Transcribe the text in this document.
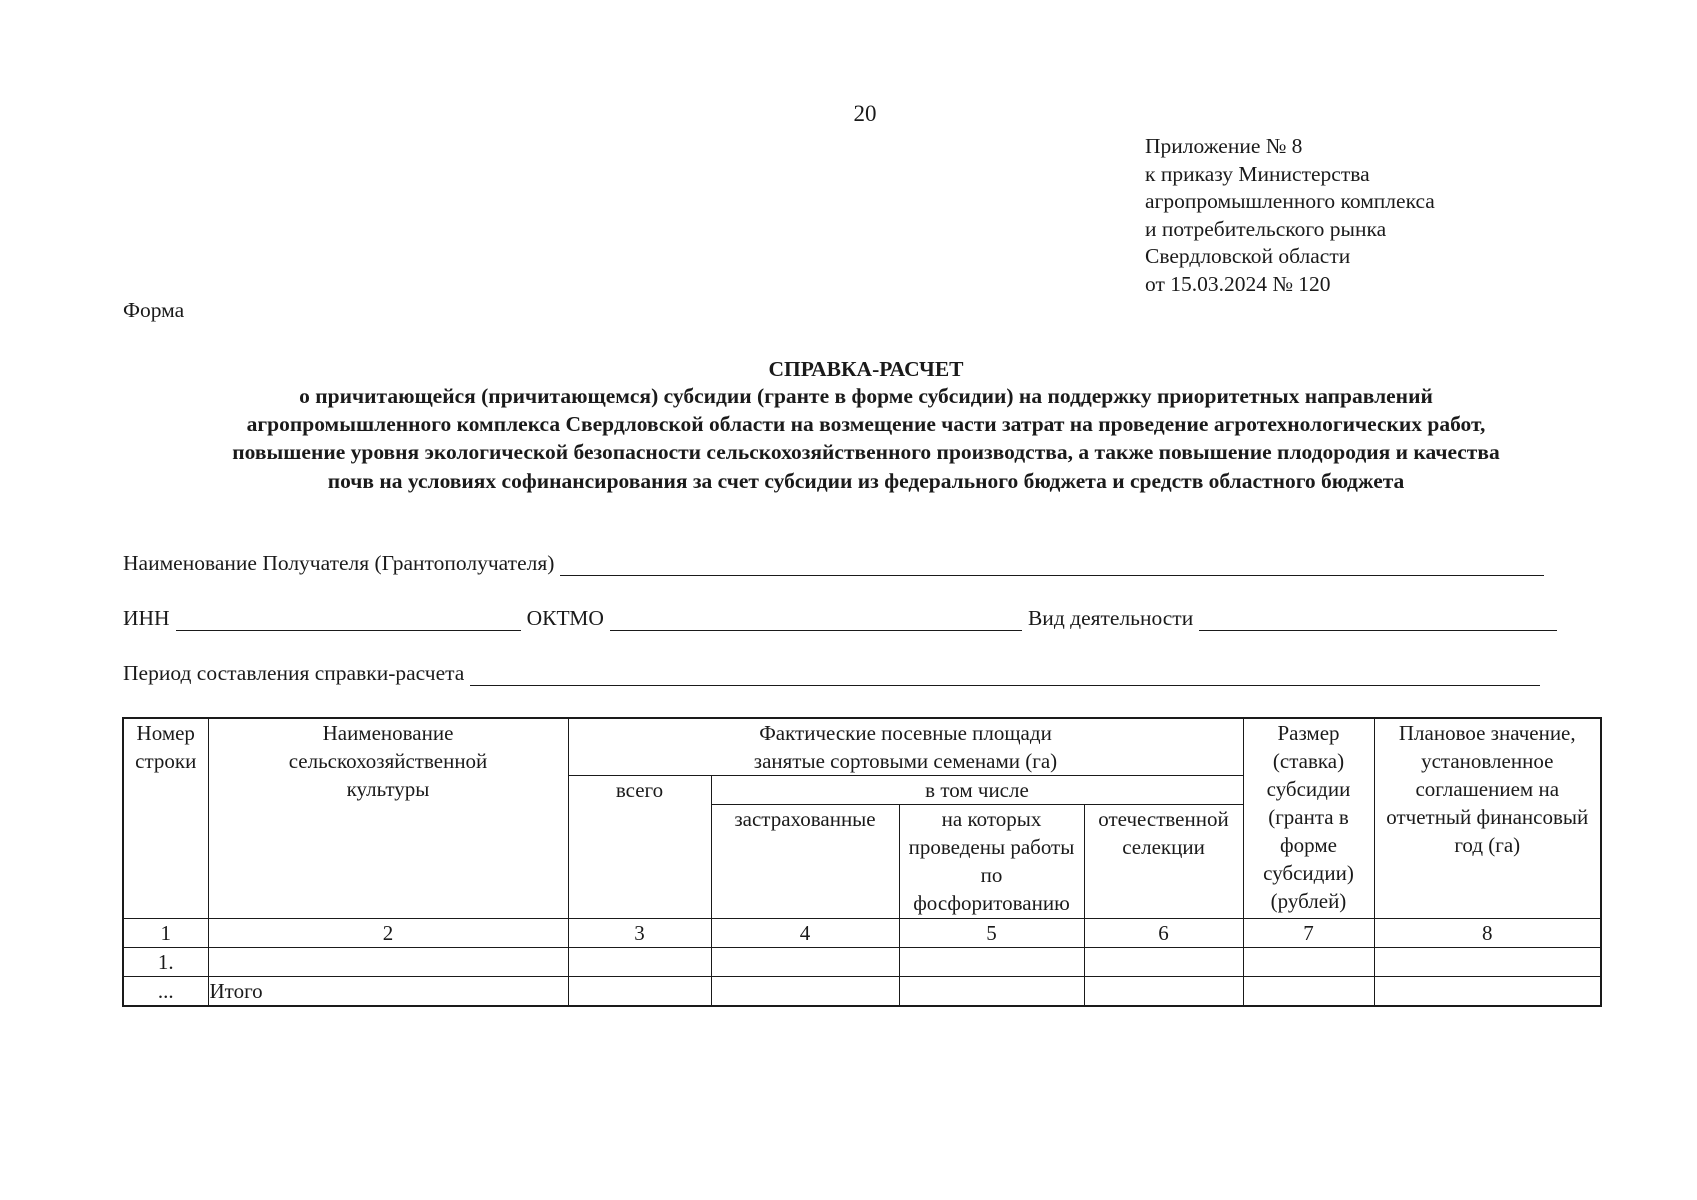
20
Приложение № 8
к приказу Министерства
агропромышленного комплекса
и потребительского рынка
Свердловской области
от 15.03.2024 № 120
Форма
СПРАВКА-РАСЧЕТ
о причитающейся (причитающемся) субсидии (гранте в форме субсидии) на поддержку приоритетных направлений
агропромышленного комплекса Свердловской области на возмещение части затрат на проведение агротехнологических работ,
повышение уровня экологической безопасности сельскохозяйственного производства, а также повышение плодородия и качества
почв на условиях софинансирования за счет субсидии из федерального бюджета и средств областного бюджета
Наименование Получателя (Грантополучателя)
ИНН	ОКТМО	Вид деятельности
Период составления справки-расчета
Номер строки	Наименование сельскохозяйственной культуры	Фактические посевные площади занятые сортовыми семенами (га)				Размер (ставка) субсидии (гранта в форме субсидии) (рублей)	Плановое значение, установленное соглашением на отчетный финансовый год (га)

		всего	в том числе				

			застрахованные	на которых проведены работы по фосфоритованию	отечественной селекции		

1	2	3	4	5	6	7	8
1.							
...	Итого						
